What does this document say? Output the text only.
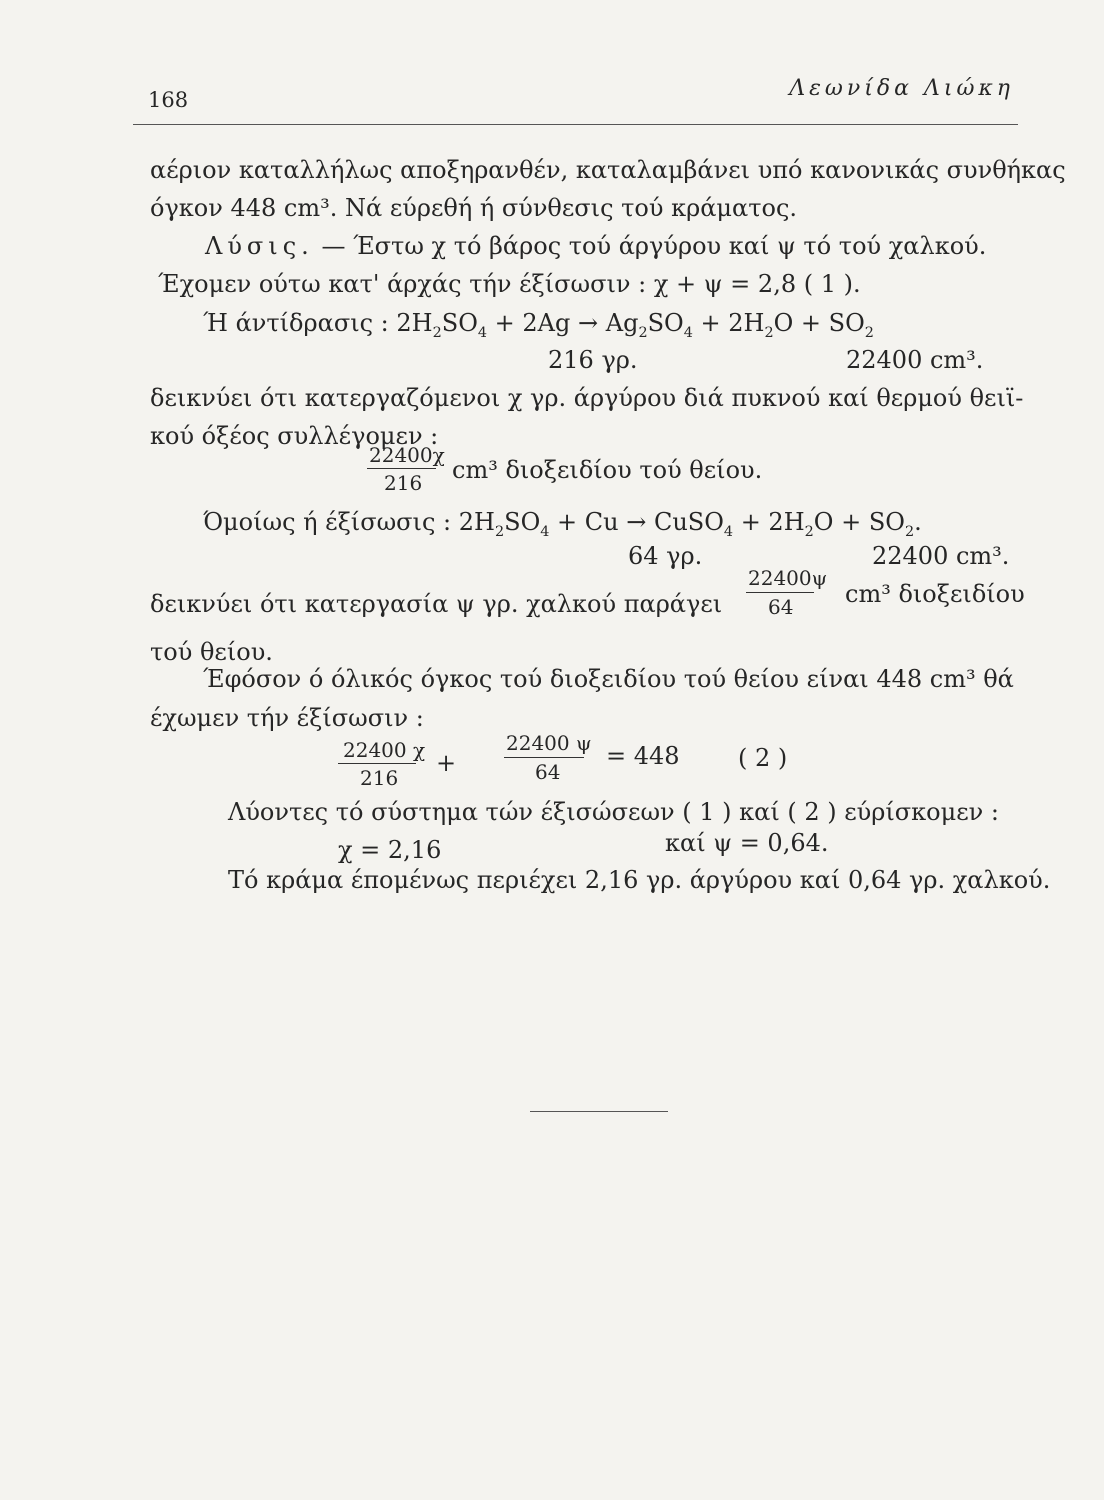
168	Λεωνίδα Λιώκη
αέριον καταλλήλως αποξηρανθέν, καταλαμβάνει υπό κανονικάς συνθήκας
όγκον 448 cm³. Νά εύρεθή ή σύνθεσις τού κράματος.
Λύσις. — Έστω χ τό βάρος τού άργύρου καί ψ τό τού χαλκού.
Έχομεν ούτω κατ' άρχάς τήν έξίσωσιν : χ + ψ = 2,8 ( 1 ).
Ή άντίδρασις : $2H_2SO_4 + 2Ag \to Ag_2SO_4 + 2H_2O + SO_2$
216 γρ.	22400 cm³.
δεικνύει ότι κατεργαζόμενοι χ γρ. άργύρου διά πυκνού καί θερμού θειϊ-
κού όξέος συλλέγομεν :
22400χ
216 cm³ διοξειδίου τού θείου.
Όμοίως ή έξίσωσις : $2H_2SO_4 + Cu$ → CuSO$_4$ + $2H_2O + SO_2$.
64 γρ.	22400 cm³.
δεικνύει ότι κατεργασία ψ γρ. χαλκού παράγει
22400ψ
64 cm³ διοξειδίου
τού θείου.
Έφόσον ό όλικός όγκος τού διοξειδίου τού θείου είναι 448 cm³ θά
έχωμεν τήν έξίσωσιν :
22400 χ
216
+
22400 ψ
64
= 448 ( 2 )
Λύοντες τό σύστημα τών έξισώσεων ( 1 ) καί ( 2 ) εύρίσκομεν :
χ = 2,16	καί ψ = 0,64.
Τό κράμα έπομένως περιέχει 2,16 γρ. άργύρου καί 0,64 γρ. χαλκού.
